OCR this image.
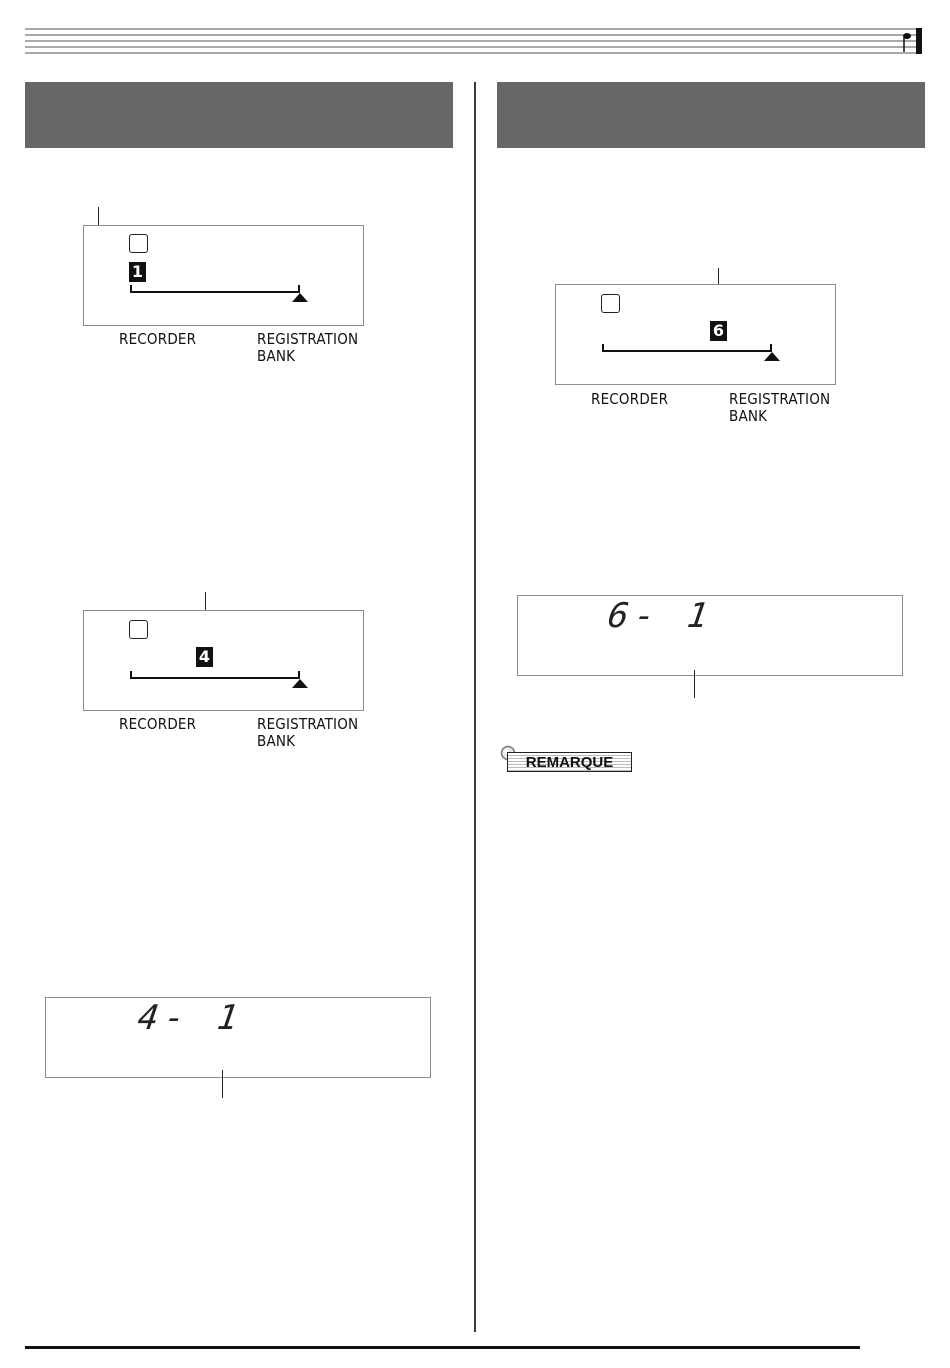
1
RECORDER	REGISTRATION
BANK
4
RECORDER	REGISTRATION
BANK
4- 1
6
RECORDER	REGISTRATION
BANK
6- 1
REMARQUE
